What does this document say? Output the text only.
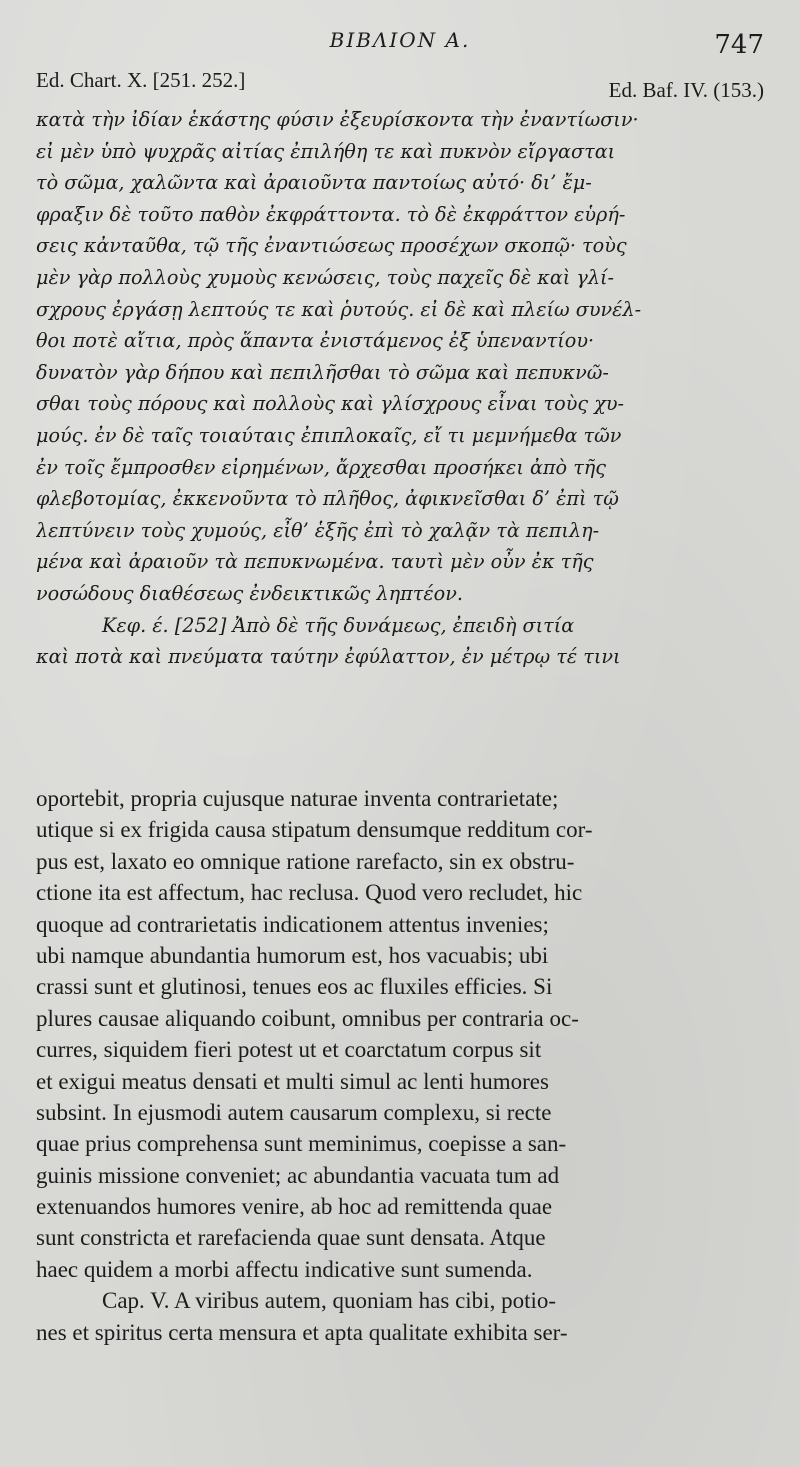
ΒΙΒΛΙΟΝ Α.	747
Ed. Chart. X. [251. 252.]	Ed. Baf. IV. (153.)
κατὰ τὴν ἰδίαν ἑκάστης φύσιν ἐξευρίσκοντα τὴν ἐναντίωσιν·
εἰ μὲν ὑπὸ ψυχρᾶς αἰτίας ἐπιλήθη τε καὶ πυκνὸν εἴργασται
τὸ σῶμα, χαλῶντα καὶ ἀραιοῦντα παντοίως αὐτό· δι’ ἔμ-
φραξιν δὲ τοῦτο παθὸν ἐκφράττοντα. τὸ δὲ ἐκφράττον εὑρή-
σεις κἀνταῦθα, τῷ τῆς ἐναντιώσεως προσέχων σκοπῷ· τοὺς
μὲν γὰρ πολλοὺς χυμοὺς κενώσεις, τοὺς παχεῖς δὲ καὶ γλί-
σχρους ἐργάσῃ λεπτούς τε καὶ ῥυτούς. εἰ δὲ καὶ πλείω συνέλ-
θοι ποτὲ αἴτια, πρὸς ἅπαντα ἐνιστάμενος ἐξ ὑπεναντίου·
δυνατὸν γὰρ δήπου καὶ πεπιλῆσθαι τὸ σῶμα καὶ πεπυκνῶ-
σθαι τοὺς πόρους καὶ πολλοὺς καὶ γλίσχρους εἶναι τοὺς χυ-
μούς. ἐν δὲ ταῖς τοιαύταις ἐπιπλοκαῖς, εἴ τι μεμνήμεθα τῶν
ἐν τοῖς ἔμπροσθεν εἰρημένων, ἄρχεσθαι προσήκει ἀπὸ τῆς
φλεβοτομίας, ἐκκενοῦντα τὸ πλῆθος, ἀφικνεῖσθαι δ’ ἐπὶ τῷ
λεπτύνειν τοὺς χυμούς, εἶθ’ ἑξῆς ἐπὶ τὸ χαλᾷν τὰ πεπιλη-
μένα καὶ ἀραιοῦν τὰ πεπυκνωμένα. ταυτὶ μὲν οὖν ἐκ τῆς
νοσώδους διαθέσεως ἐνδεικτικῶς ληπτέον.
Κεφ. έ. [252] Ἀπὸ δὲ τῆς δυνάμεως, ἐπειδὴ σιτία
καὶ ποτὰ καὶ πνεύματα ταύτην ἐφύλαττον, ἐν μέτρῳ τέ τινι
oportebit, propria cujusque naturae inventa contrarietate;
utique si ex frigida causa stipatum densumque redditum cor-
pus est, laxato eo omnique ratione rarefacto, sin ex obstru-
ctione ita est affectum, hac reclusa. Quod vero recludet, hic
quoque ad contrarietatis indicationem attentus invenies;
ubi namque abundantia humorum est, hos vacuabis; ubi
crassi sunt et glutinosi, tenues eos ac fluxiles efficies. Si
plures causae aliquando coibunt, omnibus per contraria oc-
curres, siquidem fieri potest ut et coarctatum corpus sit
et exigui meatus densati et multi simul ac lenti humores
subsint. In ejusmodi autem causarum complexu, si recte
quae prius comprehensa sunt meminimus, coepisse a san-
guinis missione conveniet; ac abundantia vacuata tum ad
extenuandos humores venire, ab hoc ad remittenda quae
sunt constricta et rarefacienda quae sunt densata. Atque
haec quidem a morbi affectu indicative sunt sumenda.
Cap. V. A viribus autem, quoniam has cibi, potio-
nes et spiritus certa mensura et apta qualitate exhibita ser-
